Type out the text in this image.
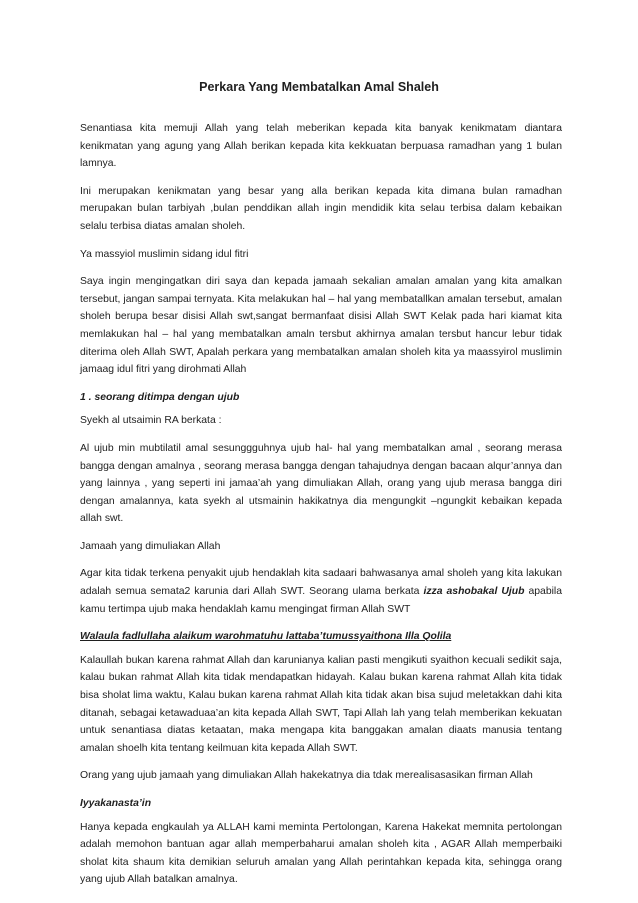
Perkara Yang Membatalkan Amal Shaleh

Senantiasa kita memuji Allah yang telah meberikan kepada kita banyak kenikmatam diantara kenikmatan yang agung yang Allah berikan kepada kita kekkuatan berpuasa ramadhan yang 1 bulan lamnya.

Ini merupakan kenikmatan yang besar yang alla berikan kepada kita dimana bulan ramadhan merupakan bulan tarbiyah ,bulan penddikan allah ingin mendidik kita selau terbisa dalam kebaikan selalu terbisa diatas amalan sholeh.

Ya massyiol muslimin sidang idul fitri

Saya ingin mengingatkan diri saya dan kepada jamaah sekalian amalan amalan yang kita amalkan tersebut, jangan sampai ternyata. Kita melakukan hal – hal yang membatallkan amalan tersebut, amalan sholeh berupa besar disisi Allah swt,sangat bermanfaat disisi Allah SWT Kelak pada hari kiamat kita memlakukan hal – hal yang membatalkan amaln tersbut akhirnya amalan tersbut hancur lebur tidak diterima oleh Allah SWT, Apalah perkara yang membatalkan amalan sholeh kita ya maassyirol muslimin jamaag idul fitri yang dirohmati Allah

1 . seorang ditimpa dengan ujub

Syekh al utsaimin RA berkata :

Al ujub min mubtilatil amal sesunggguhnya ujub hal- hal yang membatalkan amal , seorang merasa bangga dengan amalnya , seorang merasa bangga dengan tahajudnya dengan bacaan alqur’annya dan yang lainnya , yang seperti ini jamaa’ah yang dimuliakan Allah, orang yang ujub merasa bangga diri dengan amalannya, kata syekh al utsmainin hakikatnya dia mengungkit –ngungkit kebaikan kepada allah swt.

Jamaah yang dimuliakan Allah

Agar kita tidak terkena penyakit ujub hendaklah kita sadaari bahwasanya amal sholeh yang kita lakukan adalah semua semata2 karunia dari Allah SWT. Seorang ulama berkata izza ashobakal Ujub apabila kamu tertimpa ujub maka hendaklah kamu mengingat firman Allah SWT

Walaula fadlullaha alaikum warohmatuhu lattaba’tumussyaithona Illa Qolila

Kalaullah bukan karena rahmat Allah dan karunianya kalian pasti mengikuti syaithon kecuali sedikit saja, kalau bukan rahmat Allah kita tidak mendapatkan hidayah. Kalau bukan karena rahmat Allah kita tidak bisa sholat lima waktu, Kalau bukan karena rahmat Allah kita tidak akan bisa sujud meletakkan dahi kita ditanah, sebagai ketawaduaa’an kita kepada Allah SWT, Tapi Allah lah yang telah memberikan kekuatan untuk senantiasa diatas ketaatan, maka mengapa kita banggakan amalan diaats manusia tentang amalan shoelh kita tentang keilmuan kita kepada Allah SWT.

Orang yang ujub jamaah yang dimuliakan Allah hakekatnya dia tdak merealisasasikan firman Allah

Iyyakanasta’in

Hanya kepada engkaulah ya ALLAH kami meminta Pertolongan, Karena Hakekat memnita pertolongan adalah memohon bantuan agar allah memperbaharui amalan sholeh kita , AGAR Allah memperbaiki sholat kita shaum kita demikian seluruh amalan yang Allah perintahkan kepada kita, sehingga orang yang ujub Allah batalkan amalnya.
